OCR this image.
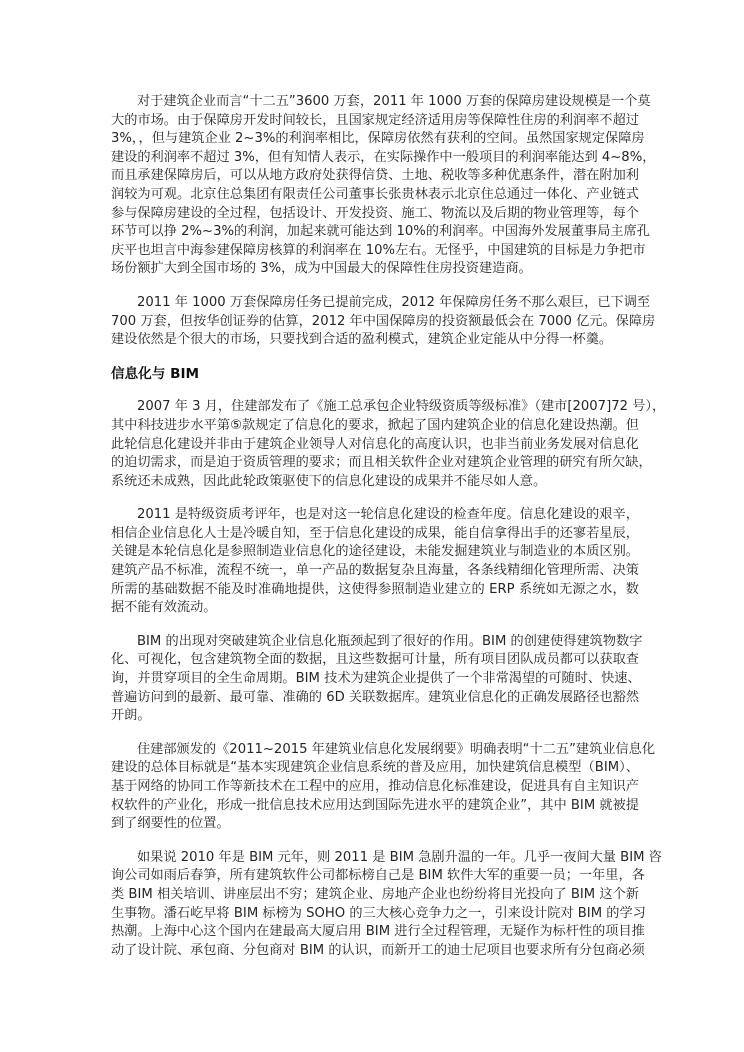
对于建筑企业而言“十二五”3600 万套，2011 年 1000 万套的保障房建设规模是一个莫
大的市场。由于保障房开发时间较长，且国家规定经济适用房等保障性住房的利润率不超过
3%，，但与建筑企业 2~3%的利润率相比，保障房依然有获利的空间。虽然国家规定保障房
建设的利润率不超过 3%，但有知情人表示，在实际操作中一般项目的利润率能达到 4~8%，
而且承建保障房后，可以从地方政府处获得信贷、土地、税收等多种优惠条件，潜在附加利
润较为可观。北京住总集团有限责任公司董事长张贵林表示北京住总通过一体化、产业链式
参与保障房建设的全过程，包括设计、开发投资、施工、物流以及后期的物业管理等，每个
环节可以挣 2%~3%的利润，加起来就可能达到 10%的利润率。中国海外发展董事局主席孔
庆平也坦言中海参建保障房核算的利润率在 10%左右。无怪乎，中国建筑的目标是力争把市
场份额扩大到全国市场的 3%，成为中国最大的保障性住房投资建造商。
2011 年 1000 万套保障房任务已提前完成，2012 年保障房任务不那么艰巨，已下调至
700 万套，但按华创证券的估算，2012 年中国保障房的投资额最低会在 7000 亿元。保障房
建设依然是个很大的市场，只要找到合适的盈利模式，建筑企业定能从中分得一杯羹。
信息化与 BIM
2007 年 3 月，住建部发布了《施工总承包企业特级资质等级标准》（建市[2007]72 号），
其中科技进步水平第⑤款规定了信息化的要求，掀起了国内建筑企业的信息化建设热潮。但
此轮信息化建设并非由于建筑企业领导人对信息化的高度认识，也非当前业务发展对信息化
的迫切需求，而是迫于资质管理的要求；而且相关软件企业对建筑企业管理的研究有所欠缺，
系统还未成熟，因此此轮政策驱使下的信息化建设的成果并不能尽如人意。
2011 是特级资质考评年，也是对这一轮信息化建设的检查年度。信息化建设的艰辛，
相信企业信息化人士是冷暖自知，至于信息化建设的成果，能自信拿得出手的还寥若星辰，
关键是本轮信息化是参照制造业信息化的途径建设，未能发掘建筑业与制造业的本质区别。
建筑产品不标准，流程不统一，单一产品的数据复杂且海量，各条线精细化管理所需、决策
所需的基础数据不能及时准确地提供，这使得参照制造业建立的 ERP 系统如无源之水，数
据不能有效流动。
BIM 的出现对突破建筑企业信息化瓶颈起到了很好的作用。BIM 的创建使得建筑物数字
化、可视化，包含建筑物全面的数据，且这些数据可计量，所有项目团队成员都可以获取查
询，并贯穿项目的全生命周期。BIM 技术为建筑企业提供了一个非常渴望的可随时、快速、
普遍访问到的最新、最可靠、准确的 6D 关联数据库。建筑业信息化的正确发展路径也豁然
开朗。
住建部颁发的《2011~2015 年建筑业信息化发展纲要》明确表明“十二五”建筑业信息化
建设的总体目标就是“基本实现建筑企业信息系统的普及应用，加快建筑信息模型（BIM）、
基于网络的协同工作等新技术在工程中的应用，推动信息化标准建设，促进具有自主知识产
权软件的产业化，形成一批信息技术应用达到国际先进水平的建筑企业”，其中 BIM 就被提
到了纲要性的位置。
如果说 2010 年是 BIM 元年，则 2011 是 BIM 急剧升温的一年。几乎一夜间大量 BIM 咨
询公司如雨后春笋，所有建筑软件公司都标榜自己是 BIM 软件大军的重要一员；一年里，各
类 BIM 相关培训、讲座层出不穷；建筑企业、房地产企业也纷纷将目光投向了 BIM 这个新
生事物。潘石屹早将 BIM 标榜为 SOHO 的三大核心竞争力之一，引来设计院对 BIM 的学习
热潮。上海中心这个国内在建最高大厦启用 BIM 进行全过程管理，无疑作为标杆性的项目推
动了设计院、承包商、分包商对 BIM 的认识，而新开工的迪士尼项目也要求所有分包商必须
